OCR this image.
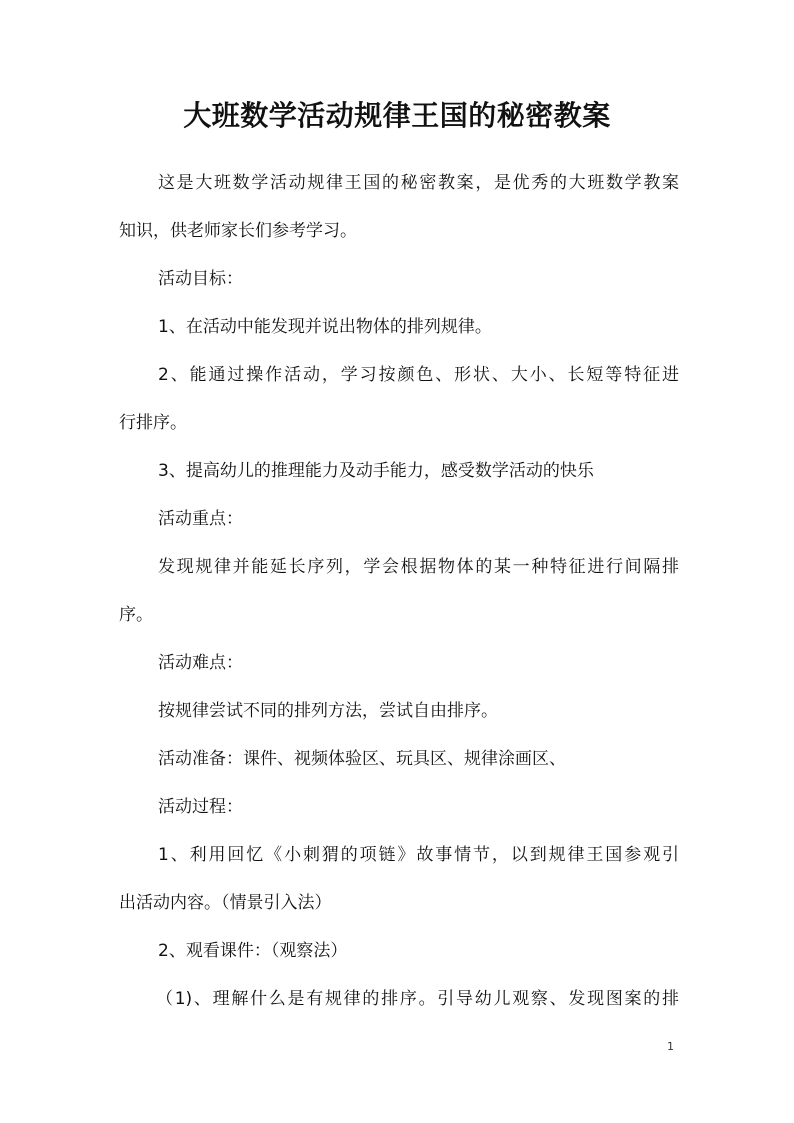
大班数学活动规律王国的秘密教案
这是大班数学活动规律王国的秘密教案，是优秀的大班数学教案
知识，供老师家长们参考学习。
活动目标：
1、在活动中能发现并说出物体的排列规律。
2、能通过操作活动，学习按颜色、形状、大小、长短等特征进
行排序。
3、提高幼儿的推理能力及动手能力，感受数学活动的快乐
活动重点：
发现规律并能延长序列，学会根据物体的某一种特征进行间隔排
序。
活动难点：
按规律尝试不同的排列方法，尝试自由排序。
活动准备：课件、视频体验区、玩具区、规律涂画区、
活动过程：
1、利用回忆《小刺猬的项链》故事情节，以到规律王国参观引
出活动内容。（情景引入法）
2、观看课件：（观察法）
（1)、理解什么是有规律的排序。引导幼儿观察、发现图案的排
1
